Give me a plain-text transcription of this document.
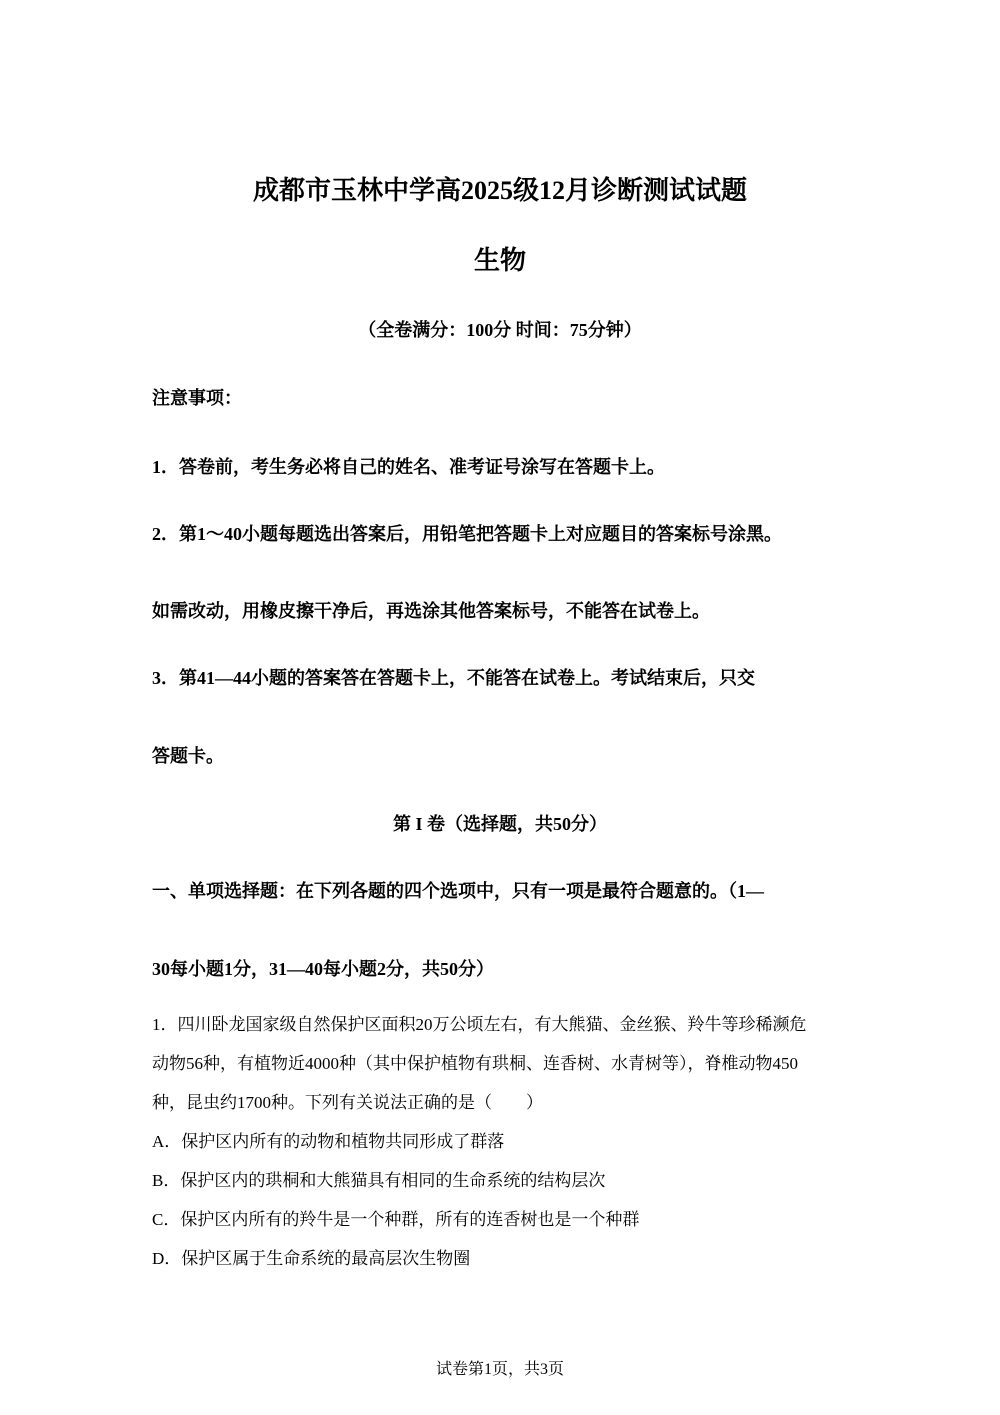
成都市玉林中学高2025级12月诊断测试试题
生物
（全卷满分：100分 时间：75分钟）
注意事项：
1．答卷前，考生务必将自己的姓名、准考证号涂写在答题卡上。
2．第1～40小题每题选出答案后，用铅笔把答题卡上对应题目的答案标号涂黑。
如需改动，用橡皮擦干净后，再选涂其他答案标号，不能答在试卷上。
3．第41—44小题的答案答在答题卡上，不能答在试卷上。考试结束后，只交
答题卡。
第 I 卷（选择题，共50分）
一、单项选择题：在下列各题的四个选项中，只有一项是最符合题意的。（1—
30每小题1分，31—40每小题2分，共50分）
1．四川卧龙国家级自然保护区面积20万公顷左右，有大熊猫、金丝猴、羚牛等珍稀濒危
动物56种，有植物近4000种（其中保护植物有珙桐、连香树、水青树等），脊椎动物450
种，昆虫约1700种。下列有关说法正确的是（　　）
A．保护区内所有的动物和植物共同形成了群落
B．保护区内的珙桐和大熊猫具有相同的生命系统的结构层次
C．保护区内所有的羚牛是一个种群，所有的连香树也是一个种群
D．保护区属于生命系统的最高层次生物圈
试卷第1页，共3页
